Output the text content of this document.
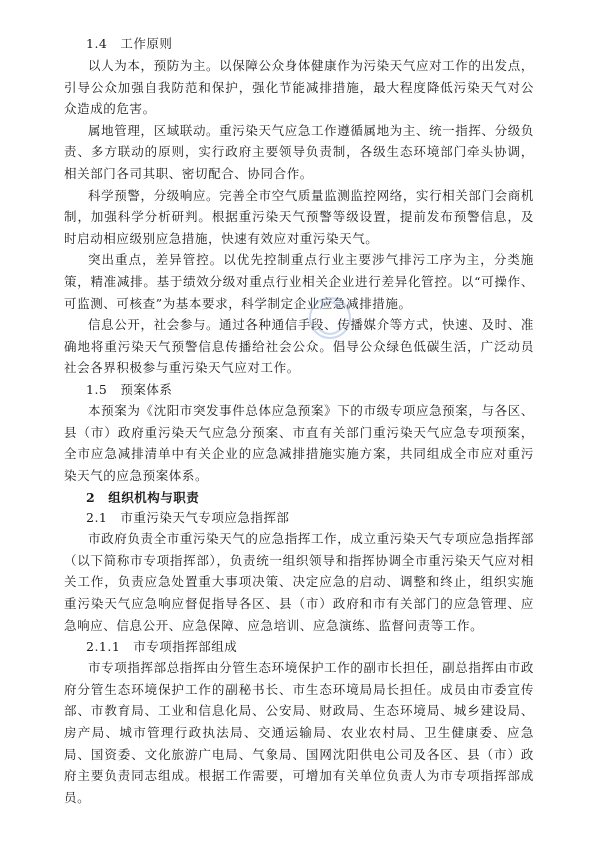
1.4　工作原则

以人为本，预防为主。以保障公众身体健康作为污染天气应对工作的出发点，引导公众加强自我防范和保护，强化节能减排措施，最大程度降低污染天气对公众造成的危害。

属地管理，区域联动。重污染天气应急工作遵循属地为主、统一指挥、分级负责、多方联动的原则，实行政府主要领导负责制，各级生态环境部门牵头协调，相关部门各司其职、密切配合、协同合作。

科学预警，分级响应。完善全市空气质量监测监控网络，实行相关部门会商机制，加强科学分析研判。根据重污染天气预警等级设置，提前发布预警信息，及时启动相应级别应急措施，快速有效应对重污染天气。

突出重点，差异管控。以优先控制重点行业主要涉气排污工序为主，分类施策，精准减排。基于绩效分级对重点行业相关企业进行差异化管控。以“可操作、可监测、可核查”为基本要求，科学制定企业应急减排措施。

信息公开，社会参与。通过各种通信手段、传播媒介等方式，快速、及时、准确地将重污染天气预警信息传播给社会公众。倡导公众绿色低碳生活，广泛动员社会各界积极参与重污染天气应对工作。

1.5　预案体系

本预案为《沈阳市突发事件总体应急预案》下的市级专项应急预案，与各区、县（市）政府重污染天气应急分预案、市直有关部门重污染天气应急专项预案，全市应急减排清单中有关企业的应急减排措施实施方案，共同组成全市应对重污染天气的应急预案体系。

2　组织机构与职责

2.1　市重污染天气专项应急指挥部

市政府负责全市重污染天气的应急指挥工作，成立重污染天气专项应急指挥部（以下简称市专项指挥部），负责统一组织领导和指挥协调全市重污染天气应对相关工作，负责应急处置重大事项决策、决定应急的启动、调整和终止，组织实施重污染天气应急响应督促指导各区、县（市）政府和市有关部门的应急管理、应急响应、信息公开、应急保障、应急培训、应急演练、监督问责等工作。

2.1.1　市专项指挥部组成

市专项指挥部总指挥由分管生态环境保护工作的副市长担任，副总指挥由市政府分管生态环境保护工作的副秘书长、市生态环境局局长担任。成员由市委宣传部、市教育局、工业和信息化局、公安局、财政局、生态环境局、城乡建设局、房产局、城市管理行政执法局、交通运输局、农业农村局、卫生健康委、应急局、国资委、文化旅游广电局、气象局、国网沈阳供电公司及各区、县（市）政府主要负责同志组成。根据工作需要，可增加有关单位负责人为市专项指挥部成员。
